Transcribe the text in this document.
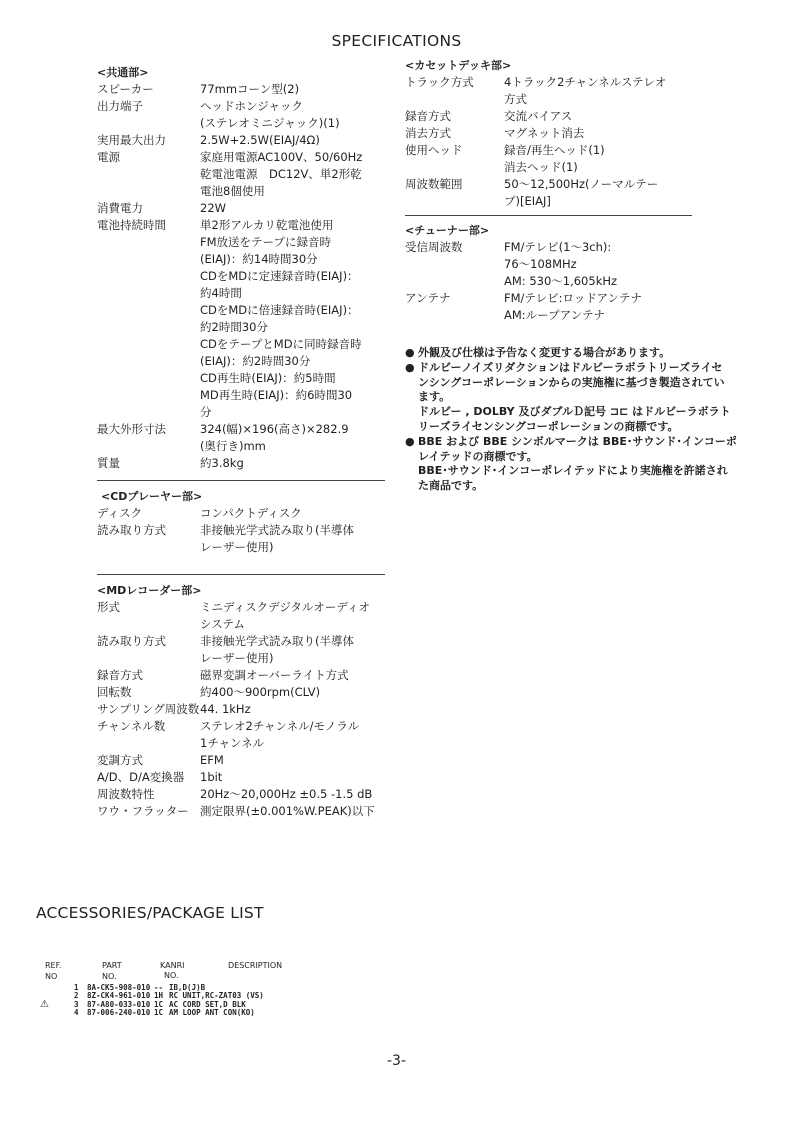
SPECIFICATIONS
<共通部>
スピーカー	77mmコーン型(2)
出力端子	ヘッドホンジャック
(ステレオミニジャック)(1)
実用最大出力	2.5W+2.5W(EIAJ/4Ω)
電源	家庭用電源AC100V、50/60Hz
乾電池電源　DC12V、単2形乾
電池8個使用
消費電力	22W
電池持続時間	単2形アルカリ乾電池使用
FM放送をテープに録音時
(EIAJ)：約14時間30分
CDをMDに定速録音時(EIAJ)：
約4時間
CDをMDに倍速録音時(EIAJ)：
約2時間30分
CDをテープとMDに同時録音時
(EIAJ)：約2時間30分
CD再生時(EIAJ)：約5時間
MD再生時(EIAJ)：約6時間30
分
最大外形寸法	324(幅)×196(高さ)×282.9
(奥行き)mm
質量	約3.8kg
<CDプレーヤー部>
ディスク	コンパクトディスク
読み取り方式	非接触光学式読み取り(半導体
レーザー使用)
<MDレコーダー部>
形式	ミニディスクデジタルオーディオ
システム
読み取り方式	非接触光学式読み取り(半導体
レーザー使用)
録音方式	磁界変調オーバーライト方式
回転数	約400～900rpm(CLV)
サンプリング周波数 44. 1kHz
チャンネル数	ステレオ2チャンネル/モノラル
1チャンネル
変調方式	EFM
A/D、D/A変換器	1bit
周波数特性	20Hz～20,000Hz ±0.5 -1.5 dB
ワウ・フラッター 測定限界(±0.001%W.PEAK)以下
<カセットデッキ部>
トラック方式	4トラック2チャンネルステレオ
方式
録音方式	交流バイアス
消去方式	マグネット消去
使用ヘッド	録音/再生ヘッド(1)
消去ヘッド(1)
周波数範囲	50～12,500Hz(ノーマルテー
プ)[EIAJ]
<チューナー部>
受信周波数	FM/テレビ(1～3ch):
76～108MHz
AM: 530～1,605kHz
アンテナ	FM/テレビ:ロッドアンテナ
AM:ループアンテナ
● 外観及び仕様は予告なく変更する場合があります。
● ドルビーノイズリダクションはドルビーラボラトリーズライセ
ンシングコーポレーションからの実施権に基づき製造されてい
ます。
ドルビー , DOLBY 及びダブルＤ記号 ⊐⊏ はドルビーラボラト
リーズライセンシングコーポレーションの商標です。
● BBE および BBE シンボルマークは BBE･サウンド･インコーポ
レイテッドの商標です。
BBE･サウンド･インコーポレイテッドにより実施権を許諾され
た商品です。
ACCESSORIES/PACKAGE LIST
REF. NO
PART NO.
KANRI
NO.
DESCRIPTION
1 8A-CK5-908-010 -- IB,D(J)B
2 8Z-CK4-961-010 1H RC UNIT,RC-ZAT03 (VS)
⚠	3 87-A80-033-010 1C AC CORD SET,D BLK
4 87-006-240-010 1C AM LOOP ANT CON(KO)
-3-
